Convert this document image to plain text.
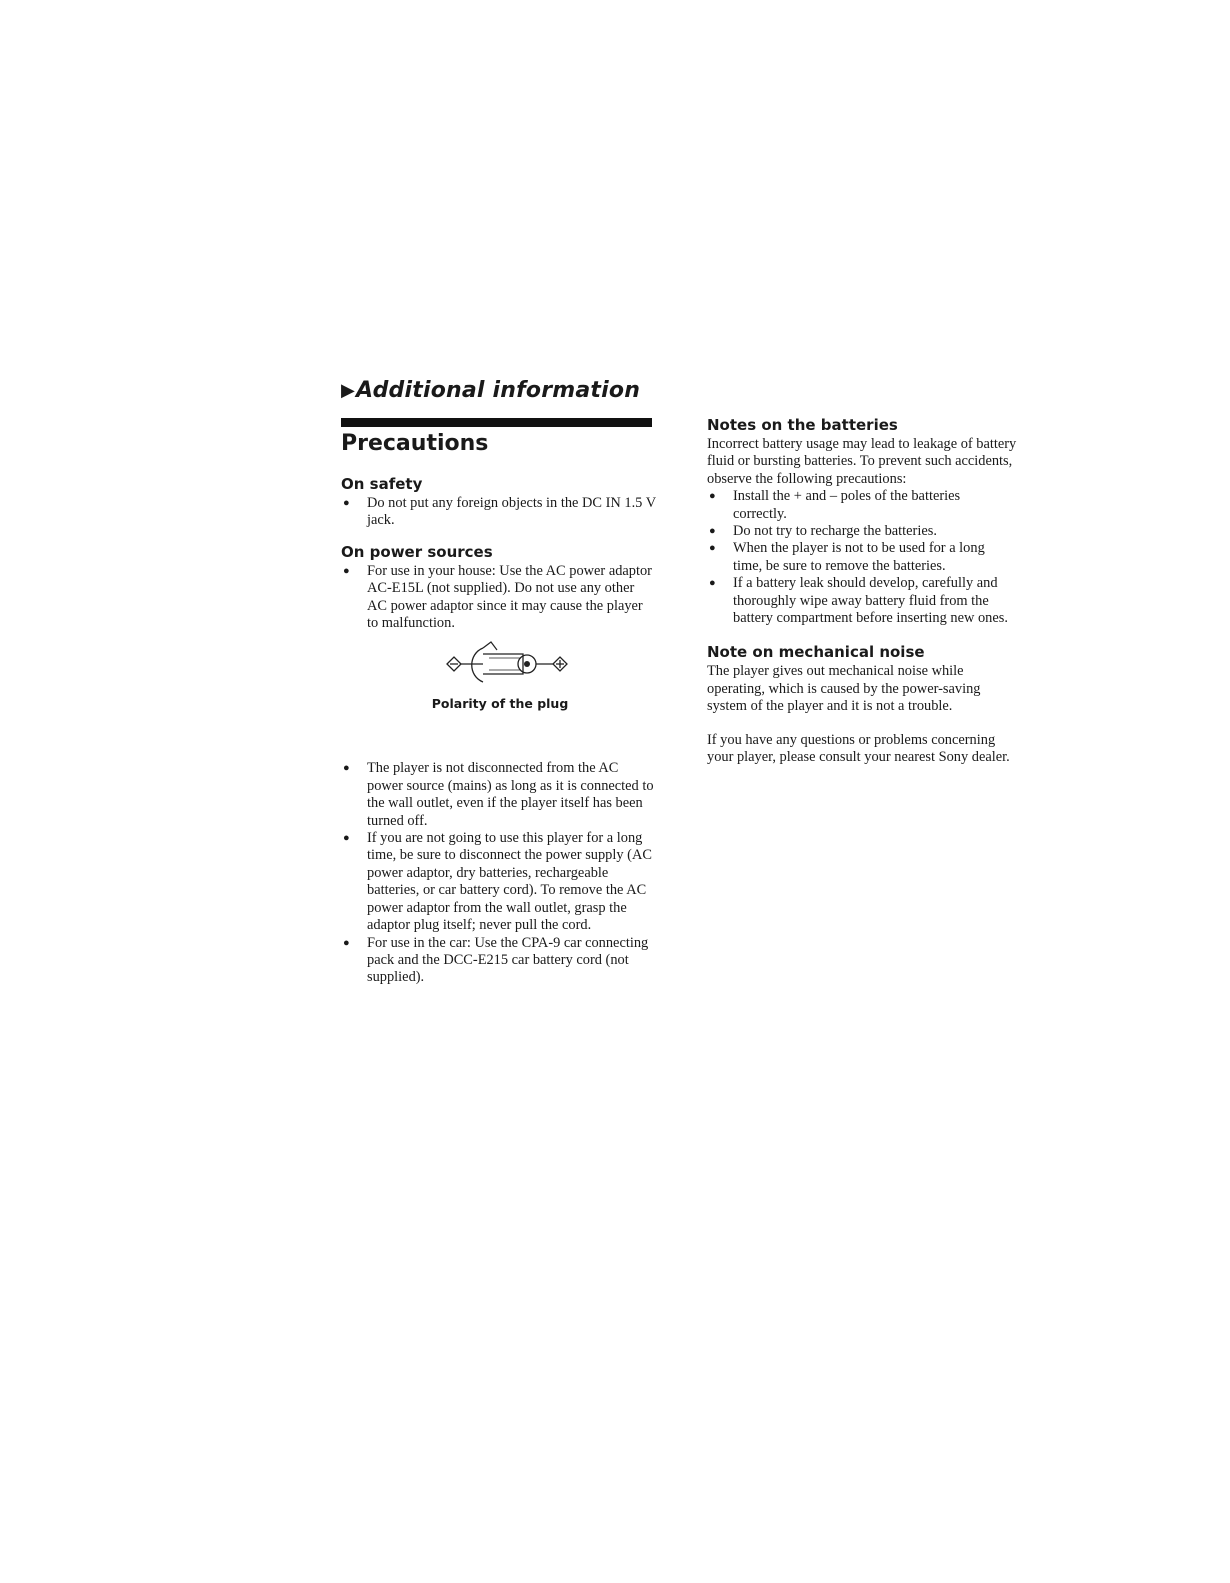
▶Additional information
Precautions
On safety
● Do not put any foreign objects in the DC IN 1.5 V jack.
On power sources
● For use in your house: Use the AC power adaptor AC-E15L (not supplied). Do not use any other AC power adaptor since it may cause the player to malfunction.
Polarity of the plug
● The player is not disconnected from the AC power source (mains) as long as it is connected to the wall outlet, even if the player itself has been turned off.
● If you are not going to use this player for a long time, be sure to disconnect the power supply (AC power adaptor, dry batteries, rechargeable batteries, or car battery cord). To remove the AC power adaptor from the wall outlet, grasp the adaptor plug itself; never pull the cord.
● For use in the car: Use the CPA-9 car connecting pack and the DCC-E215 car battery cord (not supplied).
Notes on the batteries

Incorrect battery usage may lead to leakage of battery fluid or bursting batteries. To prevent such accidents, observe the following precautions:

● Install the + and – poles of the batteries correctly.
● Do not try to recharge the batteries.
● When the player is not to be used for a long time, be sure to remove the batteries.
● If a battery leak should develop, carefully and thoroughly wipe away battery fluid from the battery compartment before inserting new ones.
Note on mechanical noise

The player gives out mechanical noise while operating, which is caused by the power-saving system of the player and it is not a trouble.

If you have any questions or problems concerning your player, please consult your nearest Sony dealer.
